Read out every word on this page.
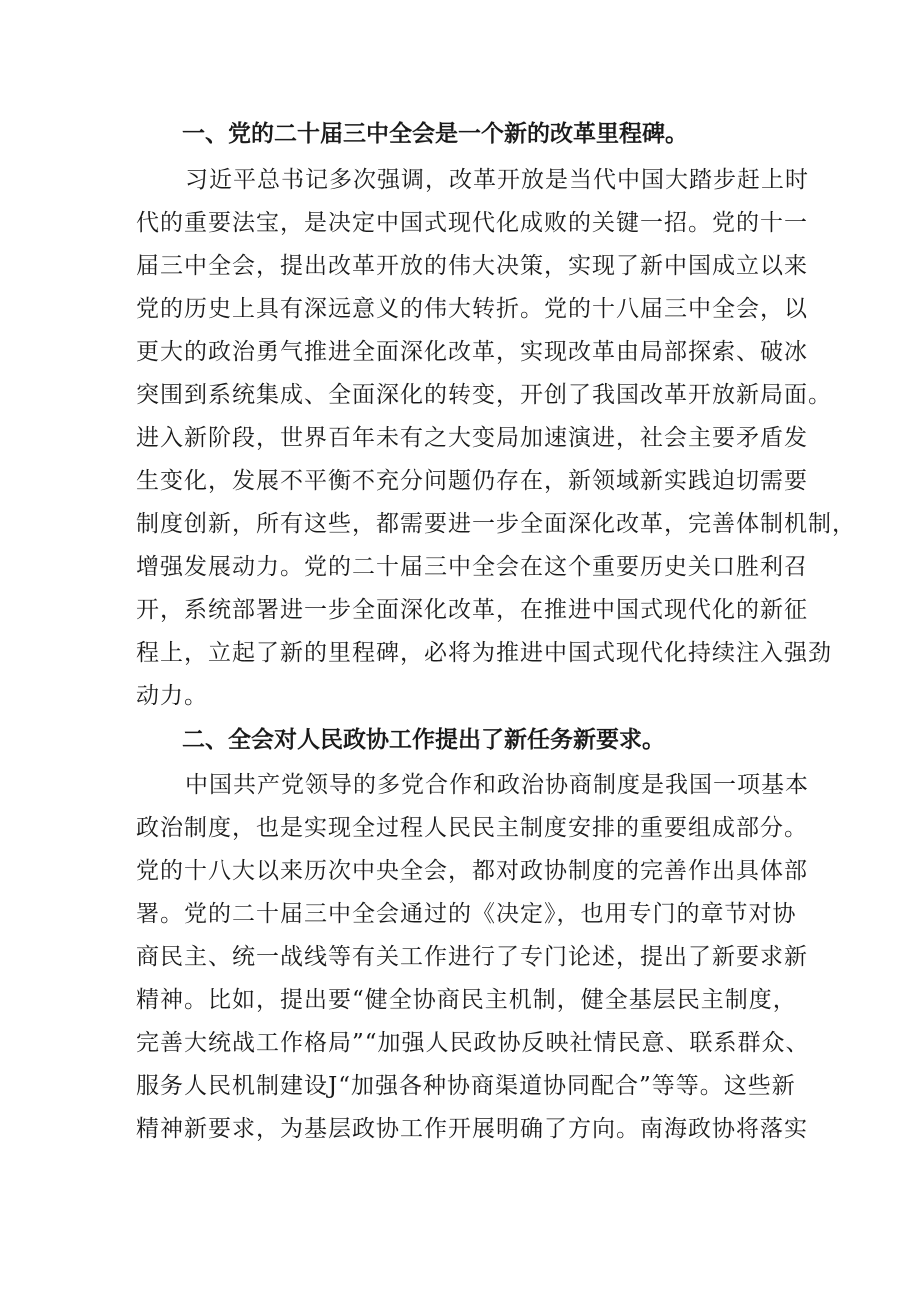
一、党的二十届三中全会是一个新的改革里程碑。
习近平总书记多次强调，改革开放是当代中国大踏步赶上时
代的重要法宝，是决定中国式现代化成败的关键一招。党的十一
届三中全会，提出改革开放的伟大决策，实现了新中国成立以来
党的历史上具有深远意义的伟大转折。党的十八届三中全会，以
更大的政治勇气推进全面深化改革，实现改革由局部探索、破冰
突围到系统集成、全面深化的转变，开创了我国改革开放新局面。
进入新阶段，世界百年未有之大变局加速演进，社会主要矛盾发
生变化，发展不平衡不充分问题仍存在，新领域新实践迫切需要
制度创新，所有这些，都需要进一步全面深化改革，完善体制机制，
增强发展动力。党的二十届三中全会在这个重要历史关口胜利召
开，系统部署进一步全面深化改革，在推进中国式现代化的新征
程上，立起了新的里程碑，必将为推进中国式现代化持续注入强劲
动力。
二、全会对人民政协工作提出了新任务新要求。
中国共产党领导的多党合作和政治协商制度是我国一项基本
政治制度，也是实现全过程人民民主制度安排的重要组成部分。
党的十八大以来历次中央全会，都对政协制度的完善作出具体部
署。党的二十届三中全会通过的《决定》，也用专门的章节对协
商民主、统一战线等有关工作进行了专门论述，提出了新要求新
精神。比如，提出要“健全协商民主机制，健全基层民主制度，
完善大统战工作格局”“加强人民政协反映社情民意、联系群众、
服务人民机制建设J“加强各种协商渠道协同配合”等等。这些新
精神新要求，为基层政协工作开展明确了方向。南海政协将落实
